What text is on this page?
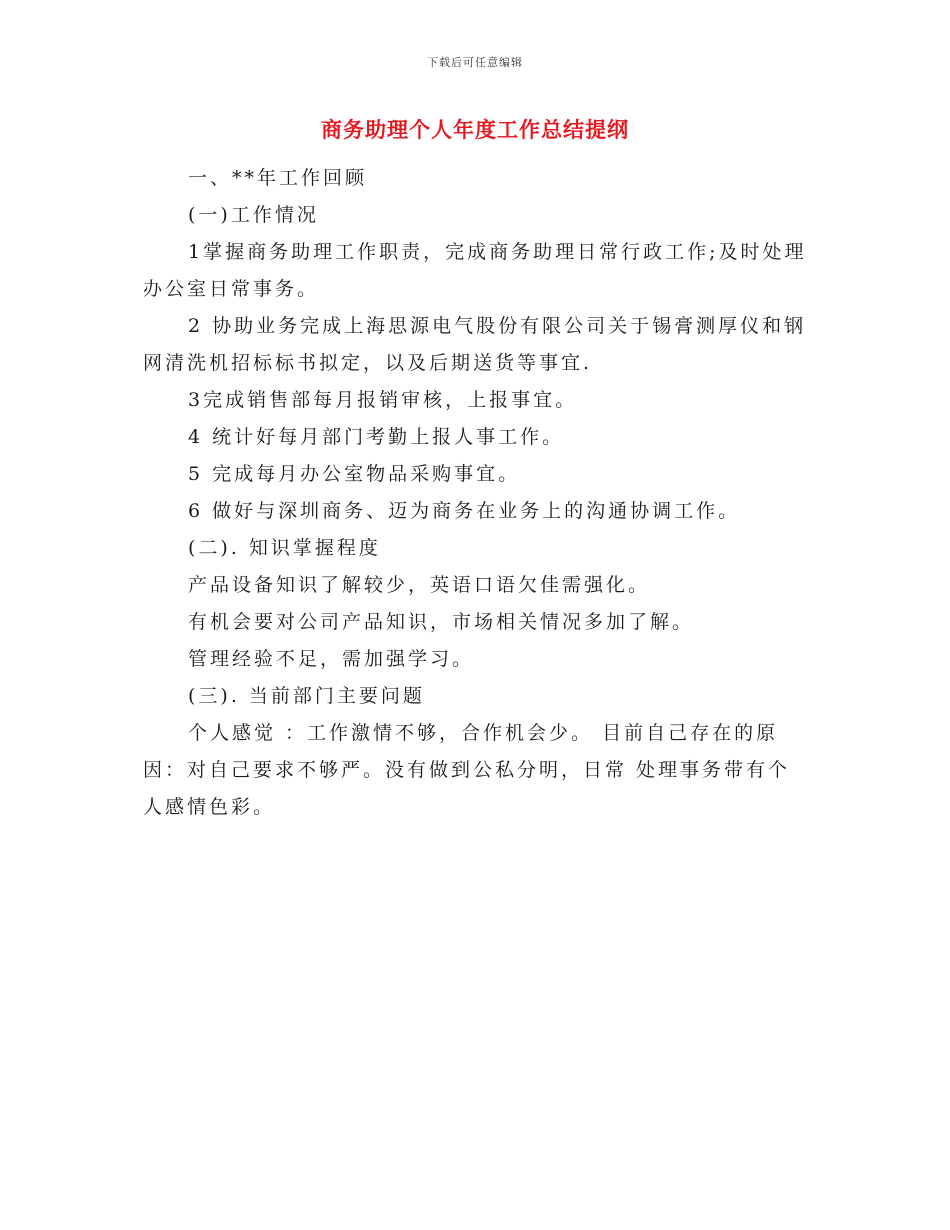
下载后可任意编辑
商务助理个人年度工作总结提纲

一、**年工作回顾

(一)工作情况

1掌握商务助理工作职责，完成商务助理日常行政工作;及时处理办公室日常事务。

2 协助业务完成上海思源电气股份有限公司关于锡膏测厚仪和钢网清洗机招标标书拟定，以及后期送货等事宜.

3完成销售部每月报销审核，上报事宜。

4 统计好每月部门考勤上报人事工作。

5 完成每月办公室物品采购事宜。

6 做好与深圳商务、迈为商务在业务上的沟通协调工作。

(二). 知识掌握程度

产品设备知识了解较少，英语口语欠佳需强化。

有机会要对公司产品知识，市场相关情况多加了解。

管理经验不足，需加强学习。

(三). 当前部门主要问题

个人感觉 ：工作激情不够，合作机会少。 目前自己存在的原因：对自己要求不够严。没有做到公私分明，日常 处理事务带有个人感情色彩。
